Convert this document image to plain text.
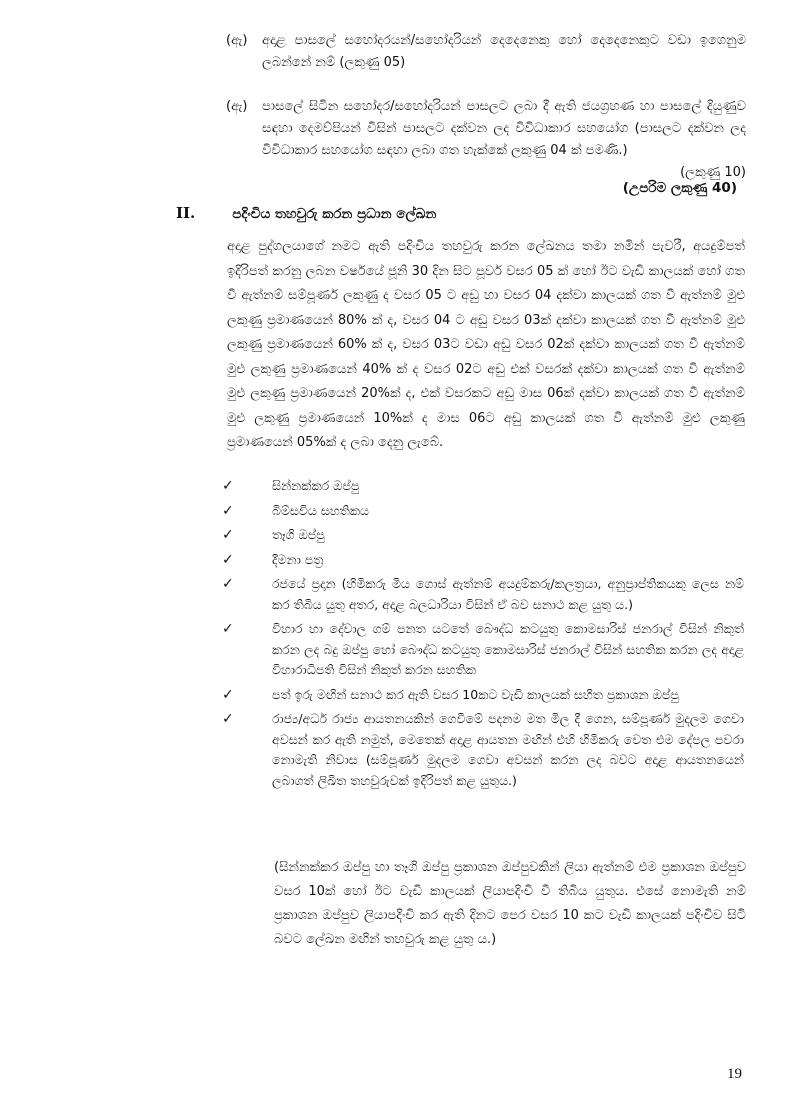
(ඇ) අදාළ පාසලේ සහෝදරයන්/සහෝදරියන් දෙදෙනෙකු හෝ දෙදෙනෙකුට වඩා ඉගෙනුම ලබන්නේ නම් (ලකුණු 05)
(ඇ) පාසලේ සිටින සහෝදර/සහෝදරියන් පාසලට ලබා දී ඇති ජයග්‍රහණ හා පාසලේ දියුණුව සඳහා දෙමව්පියන් විසින් පාසලට දක්වන ලද විවිධාකාර සහයෝග (පාසලට දක්වන ලද විවිධාකාර සහයෝග සඳහා ලබා ගත හැක්කේ ලකුණු 04 ක් පමණි.)
(ලකුණු 10)
(උපරිම ලකුණු 40)
II.	පදිංචිය තහවුරු කරන ප්‍රධාන ලේඛන

අදාළ පුද්ගලයාගේ නමට ඇති පදිංචිය තහවුරු කරන ලේඛනය තමා නමින් පැවරී, අයදුම්පත් ඉදිරිපත් කරනු ලබන වර්ෂයේ ජූනි 30 දින සිට පූර්ව වසර 05 ක් හෝ ඊට වැඩි කාලයක් හෝ ගත වී ඇත්නම් සම්පූර්ණ ලකුණු ද වසර 05 ට අඩු හා වසර 04 දක්වා කාලයක් ගත වී ඇත්නම් මුළු ලකුණු ප්‍රමාණයෙන් 80% ක් ද, වසර 04 ට අඩු වසර 03ක් දක්වා කාලයක් ගත වී ඇත්නම් මුළු ලකුණු ප්‍රමාණයෙන් 60% ක් ද, වසර 03ට වඩා අඩු වසර 02ක් දක්වා කාලයක් ගත වී ඇත්නම් මුළු ලකුණු ප්‍රමාණයෙන් 40% ක් ද වසර 02ට අඩු එක් වසරක් දක්වා කාලයක් ගත වී ඇත්නම් මුළු ලකුණු ප්‍රමාණයෙන් 20%ක් ද, එක් වසරකට අඩු මාස 06ක් දක්වා කාලයක් ගත වී ඇත්නම් මුළු ලකුණු ප්‍රමාණයෙන් 10%ක් ද මාස 06ට අඩු කාලයක් ගත වී ඇත්නම් මුළු ලකුණු ප්‍රමාණයෙන් 05%ක් ද ලබා දෙනු ලැබේ.

✓	සින්නක්කර ඔප්පු
✓	බිම්සවිය සහතිකය
✓	තෑගි ඔප්පු
✓	දීමනා පත්‍ර
✓	රජයේ ප්‍රදාන (හිමිකරු මිය ගොස් ඇත්නම් අයදුම්කරු/කලත්‍රයා, අනුප්‍රාප්තිකයකු ලෙස නම් කර තිබිය යුතු අතර, අදාළ බලධාරියා විසින් ඒ බව සනාථ කළ යුතු ය.)
✓	විහාර හා දේවාල ගම් පනත යටතේ බෞද්ධ කටයුතු කොමසාරිස් ජනරාල් විසින් නිකුත් කරන ලද බදු ඔප්පු හෝ බෞද්ධ කටයුතු කොමසාරිස් ජනරාල් විසින් සහතික කරන ලද අදාළ විහාරාධිපති විසින් නිකුත් කරන සහතික
✓	පත් ඉරු මඟින් සනාථ කර ඇති වසර 10කට වැඩි කාලයක් සහිත ප්‍රකාශන ඔප්පු
✓	රාජ්‍ය/අර්ධ රාජ්‍ය ආයතනයකින් ගෙවීමේ පදනම මත මිල දී ගෙන, සම්පූර්ණ මුදලම ගෙවා අවසන් කර ඇති නමුත්, මෙතෙක් අදාළ ආයතන මඟින් එහි හිමිකරු වෙත එම දේපල පවරා නොමැති නිවාස (සම්පූර්ණ මුදලම ගෙවා අවසන් කරන ලද බවට අදාළ ආයතනයෙන් ලබාගත් ලිඛිත තහවුරුවක් ඉදිරිපත් කළ යුතුය.)

(සින්නක්කර ඔප්පු හා තෑගි ඔප්පු ප්‍රකාශන ඔප්පුවකින් ලියා ඇත්නම් එම ප්‍රකාශන ඔප්පුව වසර 10ක් හෝ ඊට වැඩි කාලයක් ලියාපදිංචි වී තිබිය යුතුය. එසේ නොමැති නම් ප්‍රකාශන ඔප්පුව ලියාපදිංචි කර ඇති දිනට පෙර වසර 10 කට වැඩි කාලයක් පදිංචිව සිටි බවට ලේඛන මඟින් තහවුරු කළ යුතු ය.)

19
